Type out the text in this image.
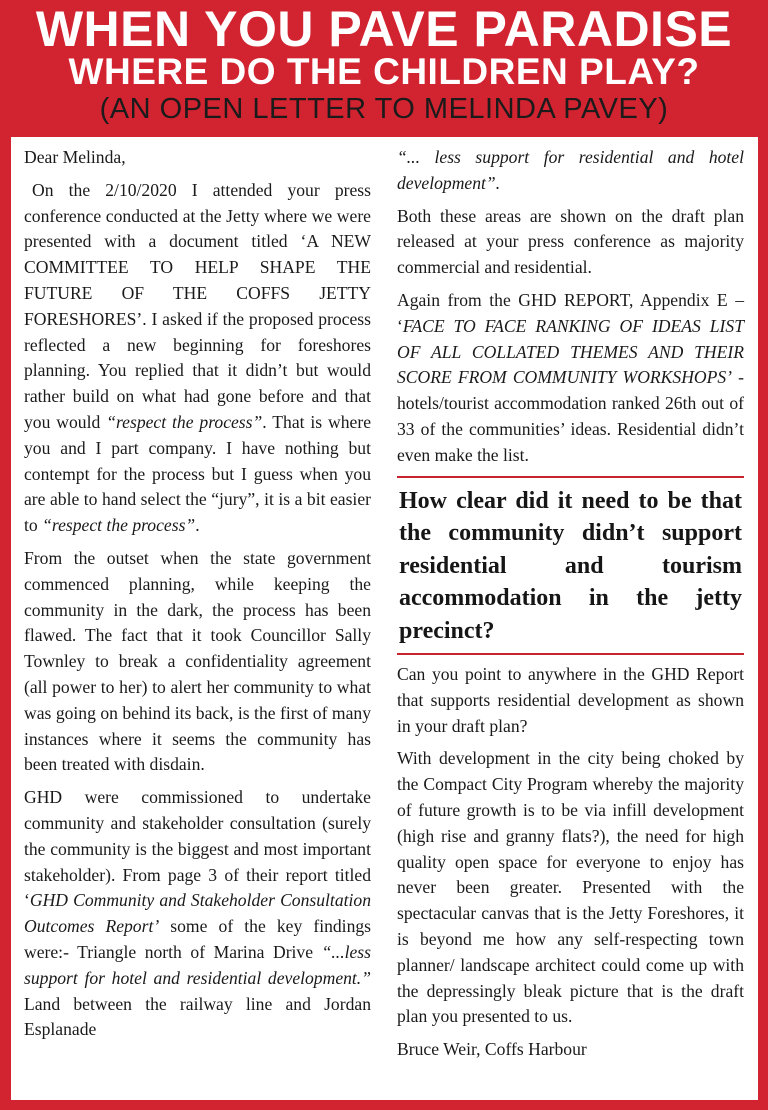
WHEN YOU PAVE PARADISE
WHERE DO THE CHILDREN PLAY?
(AN OPEN LETTER TO MELINDA PAVEY)

Dear Melinda,

On the 2/10/2020 I attended your press conference conducted at the Jetty where we were presented with a document titled ‘A NEW COMMITTEE TO HELP SHAPE THE FUTURE OF THE COFFS JETTY FORESHORES’. I asked if the proposed process reflected a new beginning for foreshores planning. You replied that it didn’t but would rather build on what had gone before and that you would “respect the process”. That is where you and I part company. I have nothing but contempt for the process but I guess when you are able to hand select the “jury”, it is a bit easier to “respect the process”.

From the outset when the state government commenced planning, while keeping the community in the dark, the process has been flawed. The fact that it took Councillor Sally Townley to break a confidentiality agreement (all power to her) to alert her community to what was going on behind its back, is the first of many instances where it seems the community has been treated with disdain.

GHD were commissioned to undertake community and stakeholder consultation (surely the community is the biggest and most important stakeholder). From page 3 of their report titled ‘GHD Community and Stakeholder Consultation Outcomes Report’ some of the key findings were:- Triangle north of Marina Drive “...less support for hotel and residential development.” Land between the railway line and Jordan Esplanade

“... less support for residential and hotel development”.

Both these areas are shown on the draft plan released at your press conference as majority commercial and residential.

Again from the GHD REPORT, Appendix E – ‘FACE TO FACE RANKING OF IDEAS LIST OF ALL COLLATED THEMES AND THEIR SCORE FROM COMMUNITY WORKSHOPS’ - hotels/tourist accommodation ranked 26th out of 33 of the communities’ ideas. Residential didn’t even make the list.

How clear did it need to be that the community didn’t support residential and tourism accommodation in the jetty precinct?

Can you point to anywhere in the GHD Report that supports residential development as shown in your draft plan?

With development in the city being choked by the Compact City Program whereby the majority of future growth is to be via infill development (high rise and granny flats?), the need for high quality open space for everyone to enjoy has never been greater. Presented with the spectacular canvas that is the Jetty Foreshores, it is beyond me how any self-respecting town planner/ landscape architect could come up with the depressingly bleak picture that is the draft plan you presented to us.

Bruce Weir, Coffs Harbour
